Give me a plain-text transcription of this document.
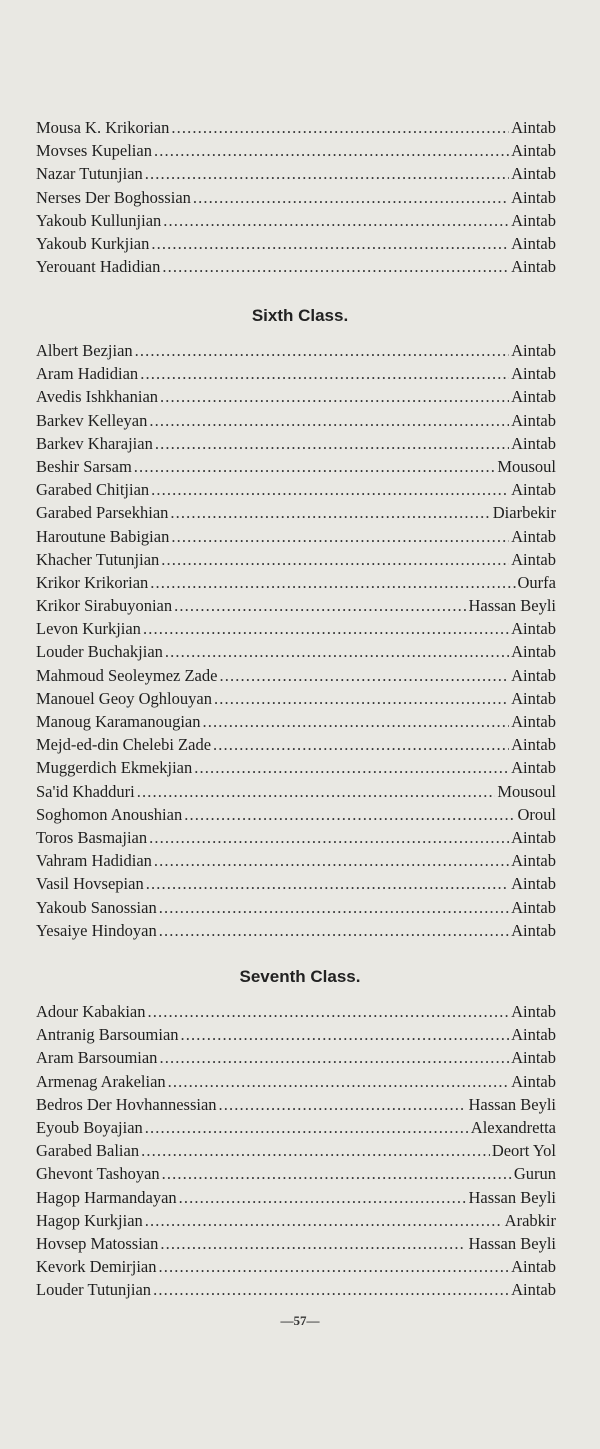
Mousa K. Krikorian . . .	Aintab
Movses Kupelian . . .	Aintab
Nazar Tutunjian . . .	Aintab
Nerses Der Boghossian . . .	Aintab
Yakoub Kullunjian . . .	Aintab
Yakoub Kurkjian . . .	Aintab
Yerouant Hadidian . . .	Aintab
Sixth Class.
Albert Bezjian . . .	Aintab
Aram Hadidian . . .	Aintab
Avedis Ishkhanian . . .	Aintab
Barkev Kelleyan . . .	Aintab
Barkev Kharajian . . .	Aintab
Beshir Sarsam . . .	Mousoul
Garabed Chitjian . . .	Aintab
Garabed Parsekhian . . .	Diarbekir
Haroutune Babigian . . .	Aintab
Khacher Tutunjian . . .	Aintab
Krikor Krikorian . . .	Ourfa
Krikor Sirabuyonian . . .	Hassan Beyli
Levon Kurkjian . . .	Aintab
Louder Buchakjian . . .	Aintab
Mahmoud Seoleymez Zade . . .	Aintab
Manouel Geoy Oghlouyan . . .	Aintab
Manoug Karamanougian . . .	Aintab
Mejd-ed-din Chelebi Zade . . .	Aintab
Muggerdich Ekmekjian . . .	Aintab
Sa'id Khadduri . . .	Mousoul
Soghomon Anoushian . . .	Oroul
Toros Basmajian . . .	Aintab
Vahram Hadidian . . .	Aintab
Vasil Hovsepian . . .	Aintab
Yakoub Sanossian . . .	Aintab
Yesaiye Hindoyan . . .	Aintab
Seventh Class.
Adour Kabakian . . .	Aintab
Antranig Barsoumian . . .	Aintab
Aram Barsoumian . . .	Aintab
Armenag Arakelian . . .	Aintab
Bedros Der Hovhannessian . . .	Hassan Beyli
Eyoub Boyajian . . .	Alexandretta
Garabed Balian . . .	Deort Yol
Ghevont Tashoyan . . .	Gurun
Hagop Harmandayan . . .	Hassan Beyli
Hagop Kurkjian . . .	Arabkir
Hovsep Matossian . . .	Hassan Beyli
Kevork Demirjian . . .	Aintab
Louder Tutunjian . . .	Aintab
—57—
